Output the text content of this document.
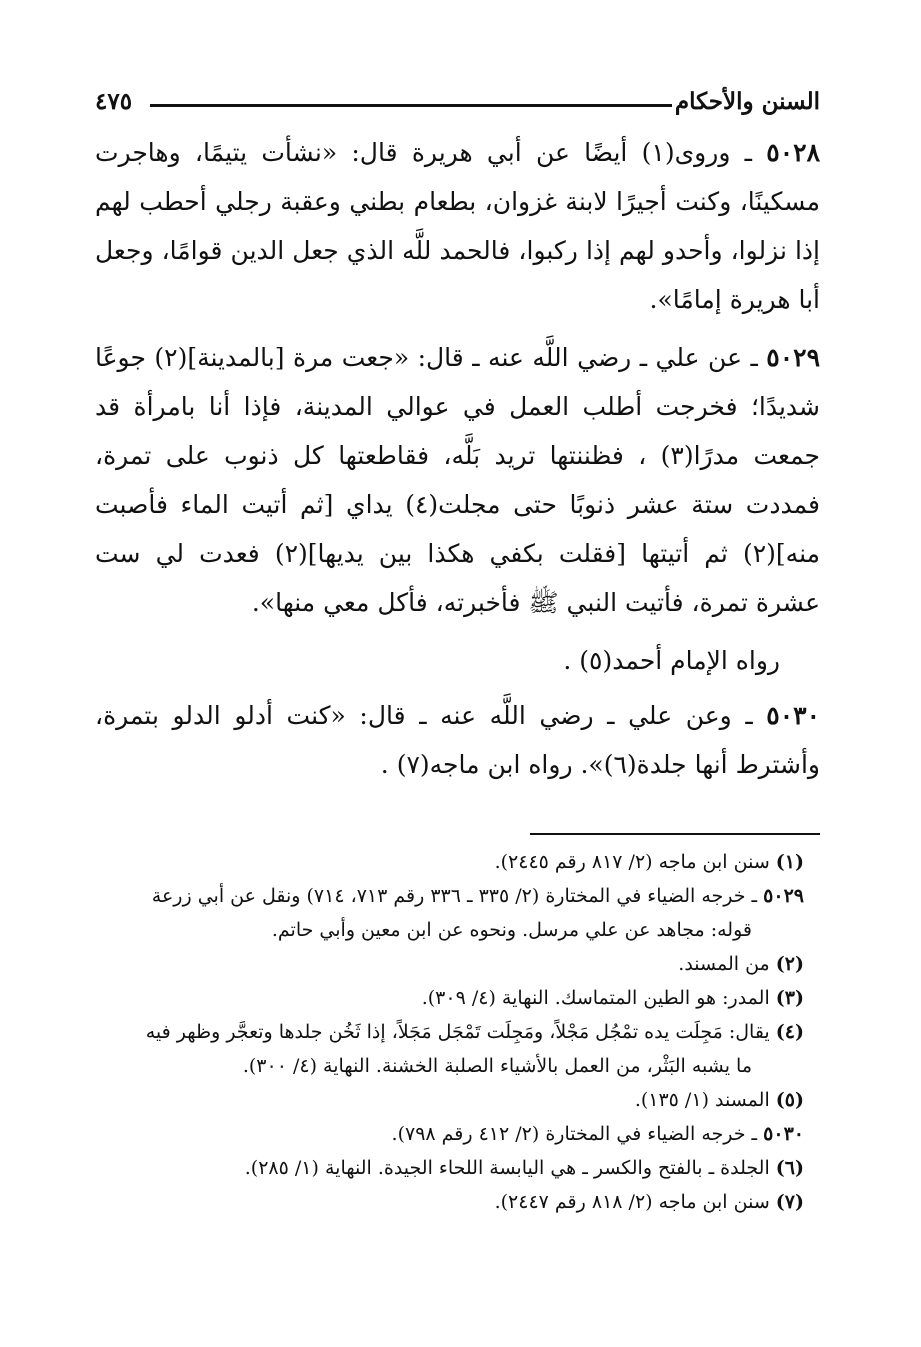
السنن والأحكام
٤٧٥

٥٠٢٨ ـ وروى(١) أيضًا عن أبي هريرة قال: «نشأت يتيمًا، وهاجرت مسكينًا، وكنت أجيرًا لابنة غزوان، بطعام بطني وعقبة رجلي أحطب لهم إذا نزلوا، وأحدو لهم إذا ركبوا، فالحمد للَّه الذي جعل الدين قوامًا، وجعل أبا هريرة إمامًا».

٥٠٢٩ ـ عن علي ـ رضي اللَّه عنه ـ قال: «جعت مرة [بالمدينة](٢) جوعًا شديدًا؛ فخرجت أطلب العمل في عوالي المدينة، فإذا أنا بامرأة قد جمعت مدرًا(٣) ، فظننتها تريد بَلَّه، فقاطعتها كل ذنوب على تمرة، فمددت ستة عشر ذنوبًا حتى مجلت(٤) يداي [ثم أتيت الماء فأصبت منه](٢) ثم أتيتها [فقلت بكفي هكذا بين يديها](٢) فعدت لي ست عشرة تمرة، فأتيت النبي ﷺ فأخبرته، فأكل معي منها».

رواه الإمام أحمد(٥) .

٥٠٣٠ ـ وعن علي ـ رضي اللَّه عنه ـ قال: «كنت أدلو الدلو بتمرة، وأشترط أنها جلدة(٦)». رواه ابن ماجه(٧) .

(١) سنن ابن ماجه (٢/ ٨١٧ رقم ٢٤٤٥).
٥٠٢٩ ـ خرجه الضياء في المختارة (٢/ ٣٣٥ ـ ٣٣٦ رقم ٧١٣، ٧١٤) ونقل عن أبي زرعة
قوله: مجاهد عن علي مرسل. ونحوه عن ابن معين وأبي حاتم.
(٢) من المسند.
(٣) المدر: هو الطين المتماسك. النهاية (٤/ ٣٠٩).
(٤) يقال: مَجِلَت يده تمْجُل مَجْلاً، ومَجِلَت تَمْجَل مَجَلاً، إذا ثَخُن جلدها وتعجَّر وظهر فيه
ما يشبه البَثْر، من العمل بالأشياء الصلبة الخشنة. النهاية (٤/ ٣٠٠).
(٥) المسند (١/ ١٣٥).
٥٠٣٠ ـ خرجه الضياء في المختارة (٢/ ٤١٢ رقم ٧٩٨).
(٦) الجلدة ـ بالفتح والكسر ـ هي اليابسة اللحاء الجيدة. النهاية (١/ ٢٨٥).
(٧) سنن ابن ماجه (٢/ ٨١٨ رقم ٢٤٤٧).
